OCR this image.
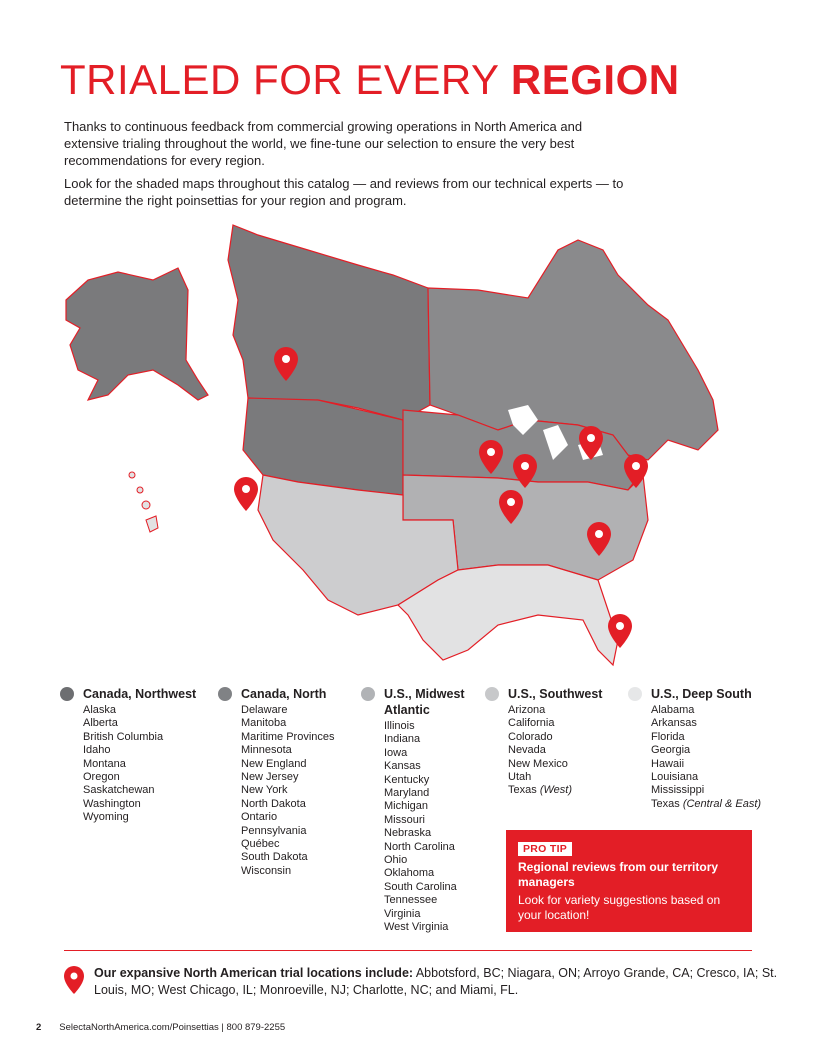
TRIALED FOR EVERY REGION

Thanks to continuous feedback from commercial growing operations in North America and extensive trialing throughout the world, we fine-tune our selection to ensure the very best recommendations for every region.

Look for the shaded maps throughout this catalog — and reviews from our technical experts — to determine the right poinsettias for your region and program.

Canada, Northwest
Alaska
Alberta
British Columbia
Idaho
Montana
Oregon
Saskatchewan
Washington
Wyoming
Canada, North
Delaware
Manitoba
Maritime Provinces
Minnesota
New England
New Jersey
New York
North Dakota
Ontario
Pennsylvania
Québec
South Dakota
Wisconsin
U.S., Midwest Atlantic
Illinois
Indiana
Iowa
Kansas
Kentucky
Maryland
Michigan
Missouri
Nebraska
North Carolina
Ohio
Oklahoma
South Carolina
Tennessee
Virginia
West Virginia
U.S., Southwest
Arizona
California
Colorado
Nevada
New Mexico
Utah
Texas (West)
U.S., Deep South
Alabama
Arkansas
Florida
Georgia
Hawaii
Louisiana
Mississippi
Texas (Central & East)
PRO TIP
Regional reviews from our territory managers
Look for variety suggestions based on your location!
Our expansive North American trial locations include: Abbotsford, BC; Niagara, ON; Arroyo Grande, CA; Cresco, IA; St. Louis, MO; West Chicago, IL; Monroeville, NJ; Charlotte, NC; and Miami, FL.
2 SelectaNorthAmerica.com/Poinsettias | 800 879-2255
